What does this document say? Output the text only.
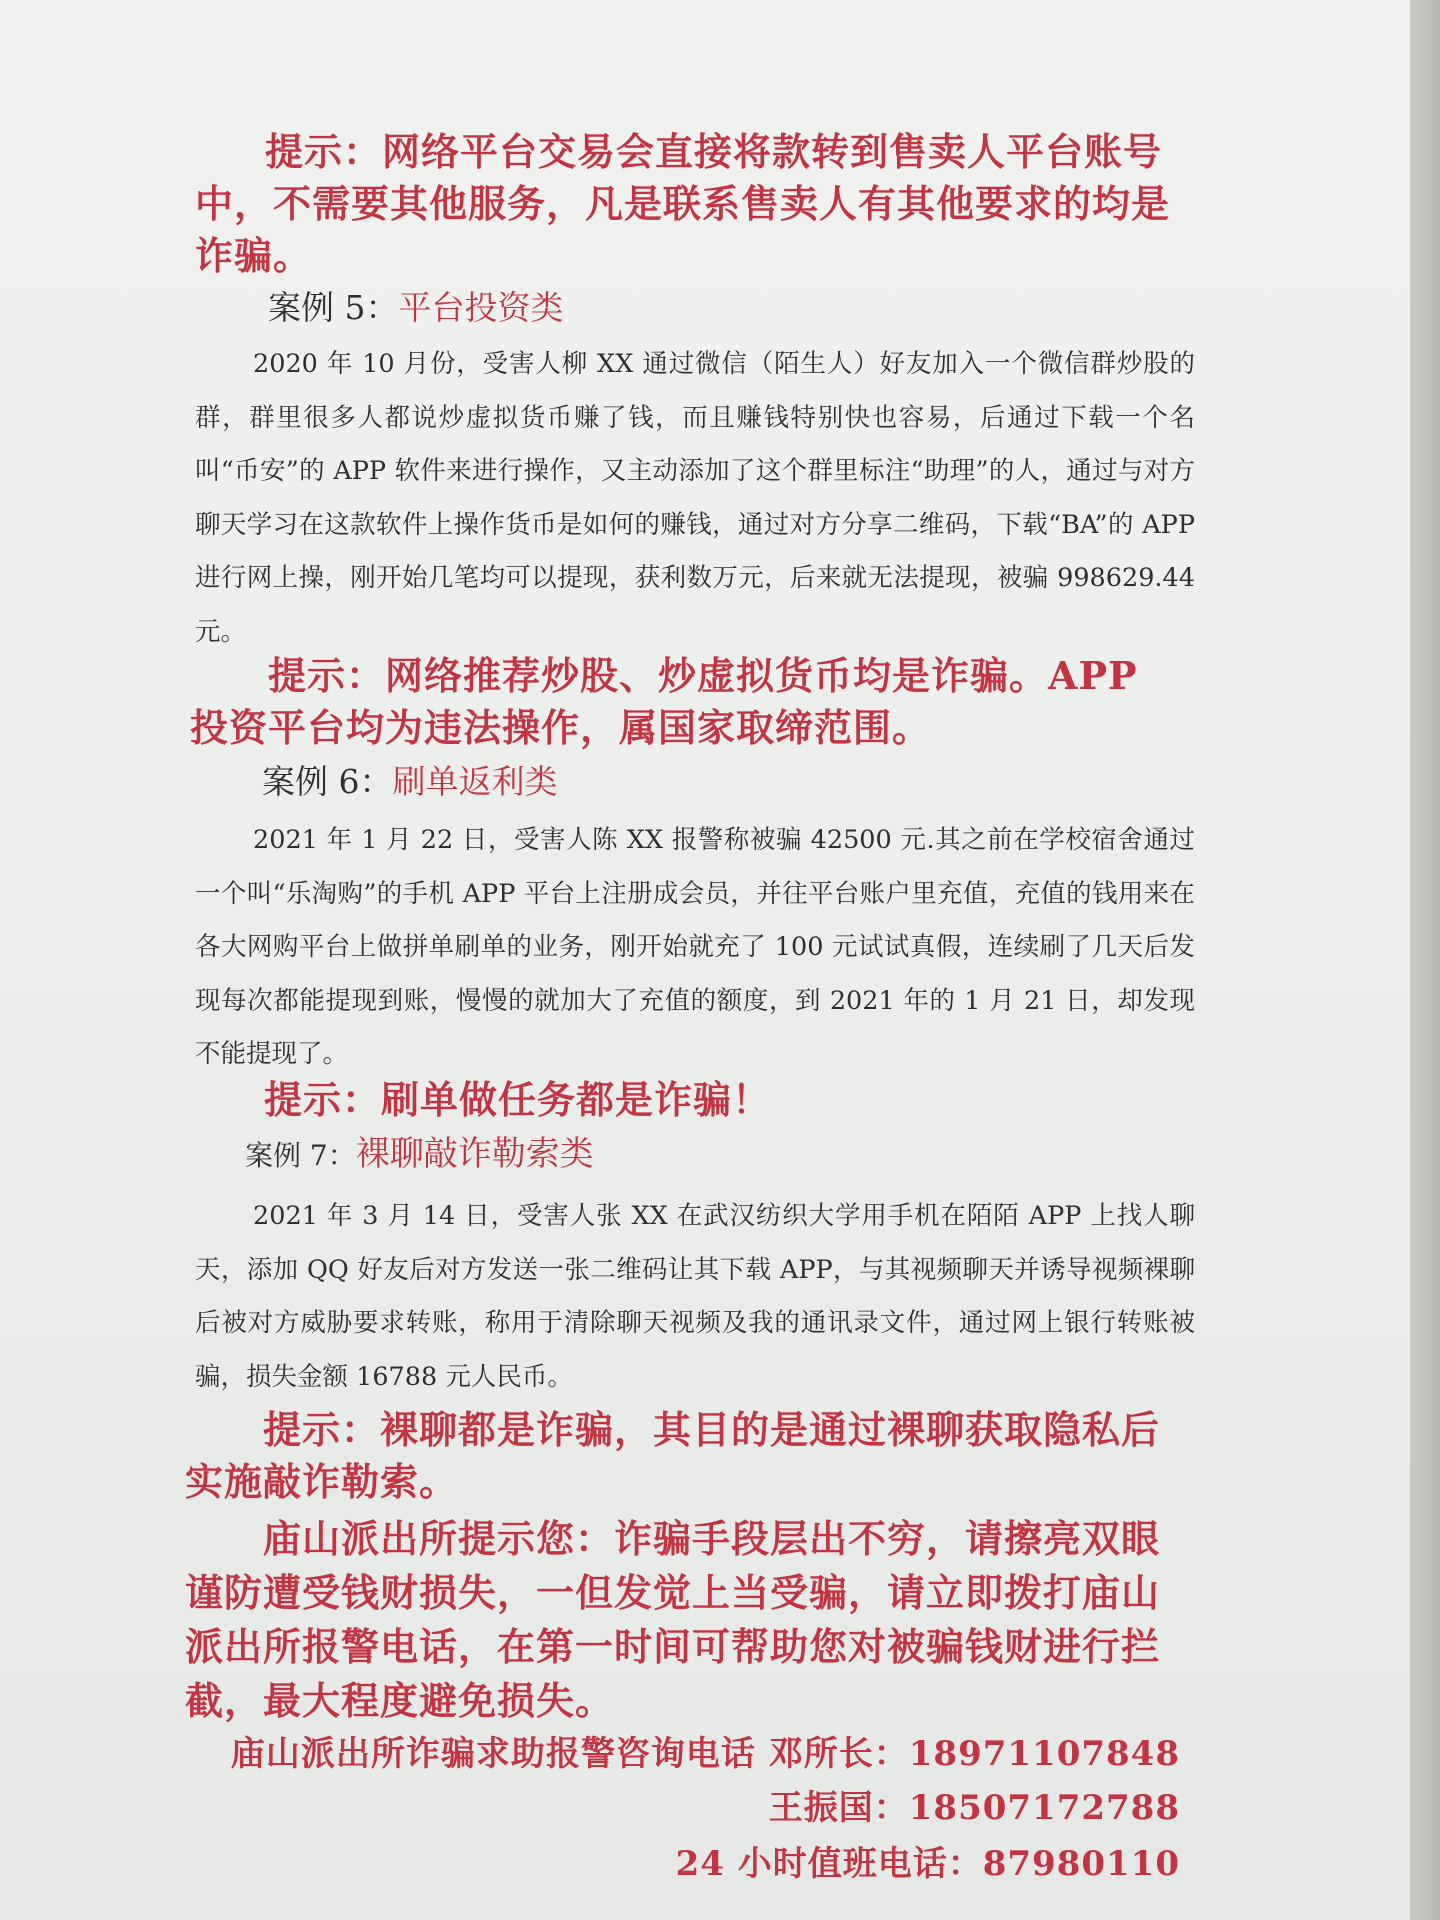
提示：网络平台交易会直接将款转到售卖人平台账号中，不需要其他服务，凡是联系售卖人有其他要求的均是诈骗。

案例 5：平台投资类

2020 年 10 月份，受害人柳 XX 通过微信（陌生人）好友加入一个微信群炒股的群，群里很多人都说炒虚拟货币赚了钱，而且赚钱特别快也容易，后通过下载一个名叫“币安”的 APP 软件来进行操作，又主动添加了这个群里标注“助理”的人，通过与对方聊天学习在这款软件上操作货币是如何的赚钱，通过对方分享二维码，下载“BA”的 APP 进行网上操，刚开始几笔均可以提现，获利数万元，后来就无法提现，被骗 998629.44 元。

提示：网络推荐炒股、炒虚拟货币均是诈骗。APP 投资平台均为违法操作，属国家取缔范围。

案例 6：刷单返利类

2021 年 1 月 22 日，受害人陈 XX 报警称被骗 42500 元.其之前在学校宿舍通过一个叫“乐淘购”的手机 APP 平台上注册成会员，并往平台账户里充值，充值的钱用来在各大网购平台上做拼单刷单的业务，刚开始就充了 100 元试试真假，连续刷了几天后发现每次都能提现到账，慢慢的就加大了充值的额度，到 2021 年的 1 月 21 日，却发现不能提现了。

提示：刷单做任务都是诈骗！

案例 7：裸聊敲诈勒索类

2021 年 3 月 14 日，受害人张 XX 在武汉纺织大学用手机在陌陌 APP 上找人聊天，添加 QQ 好友后对方发送一张二维码让其下载 APP，与其视频聊天并诱导视频裸聊后被对方威胁要求转账，称用于清除聊天视频及我的通讯录文件，通过网上银行转账被骗，损失金额 16788 元人民币。

提示：裸聊都是诈骗，其目的是通过裸聊获取隐私后实施敲诈勒索。

庙山派出所提示您：诈骗手段层出不穷，请擦亮双眼谨防遭受钱财损失，一但发觉上当受骗，请立即拨打庙山派出所报警电话，在第一时间可帮助您对被骗钱财进行拦截，最大程度避免损失。

庙山派出所诈骗求助报警咨询电话 邓所长：18971107848

王振国：18507172788

24 小时值班电话：87980110
